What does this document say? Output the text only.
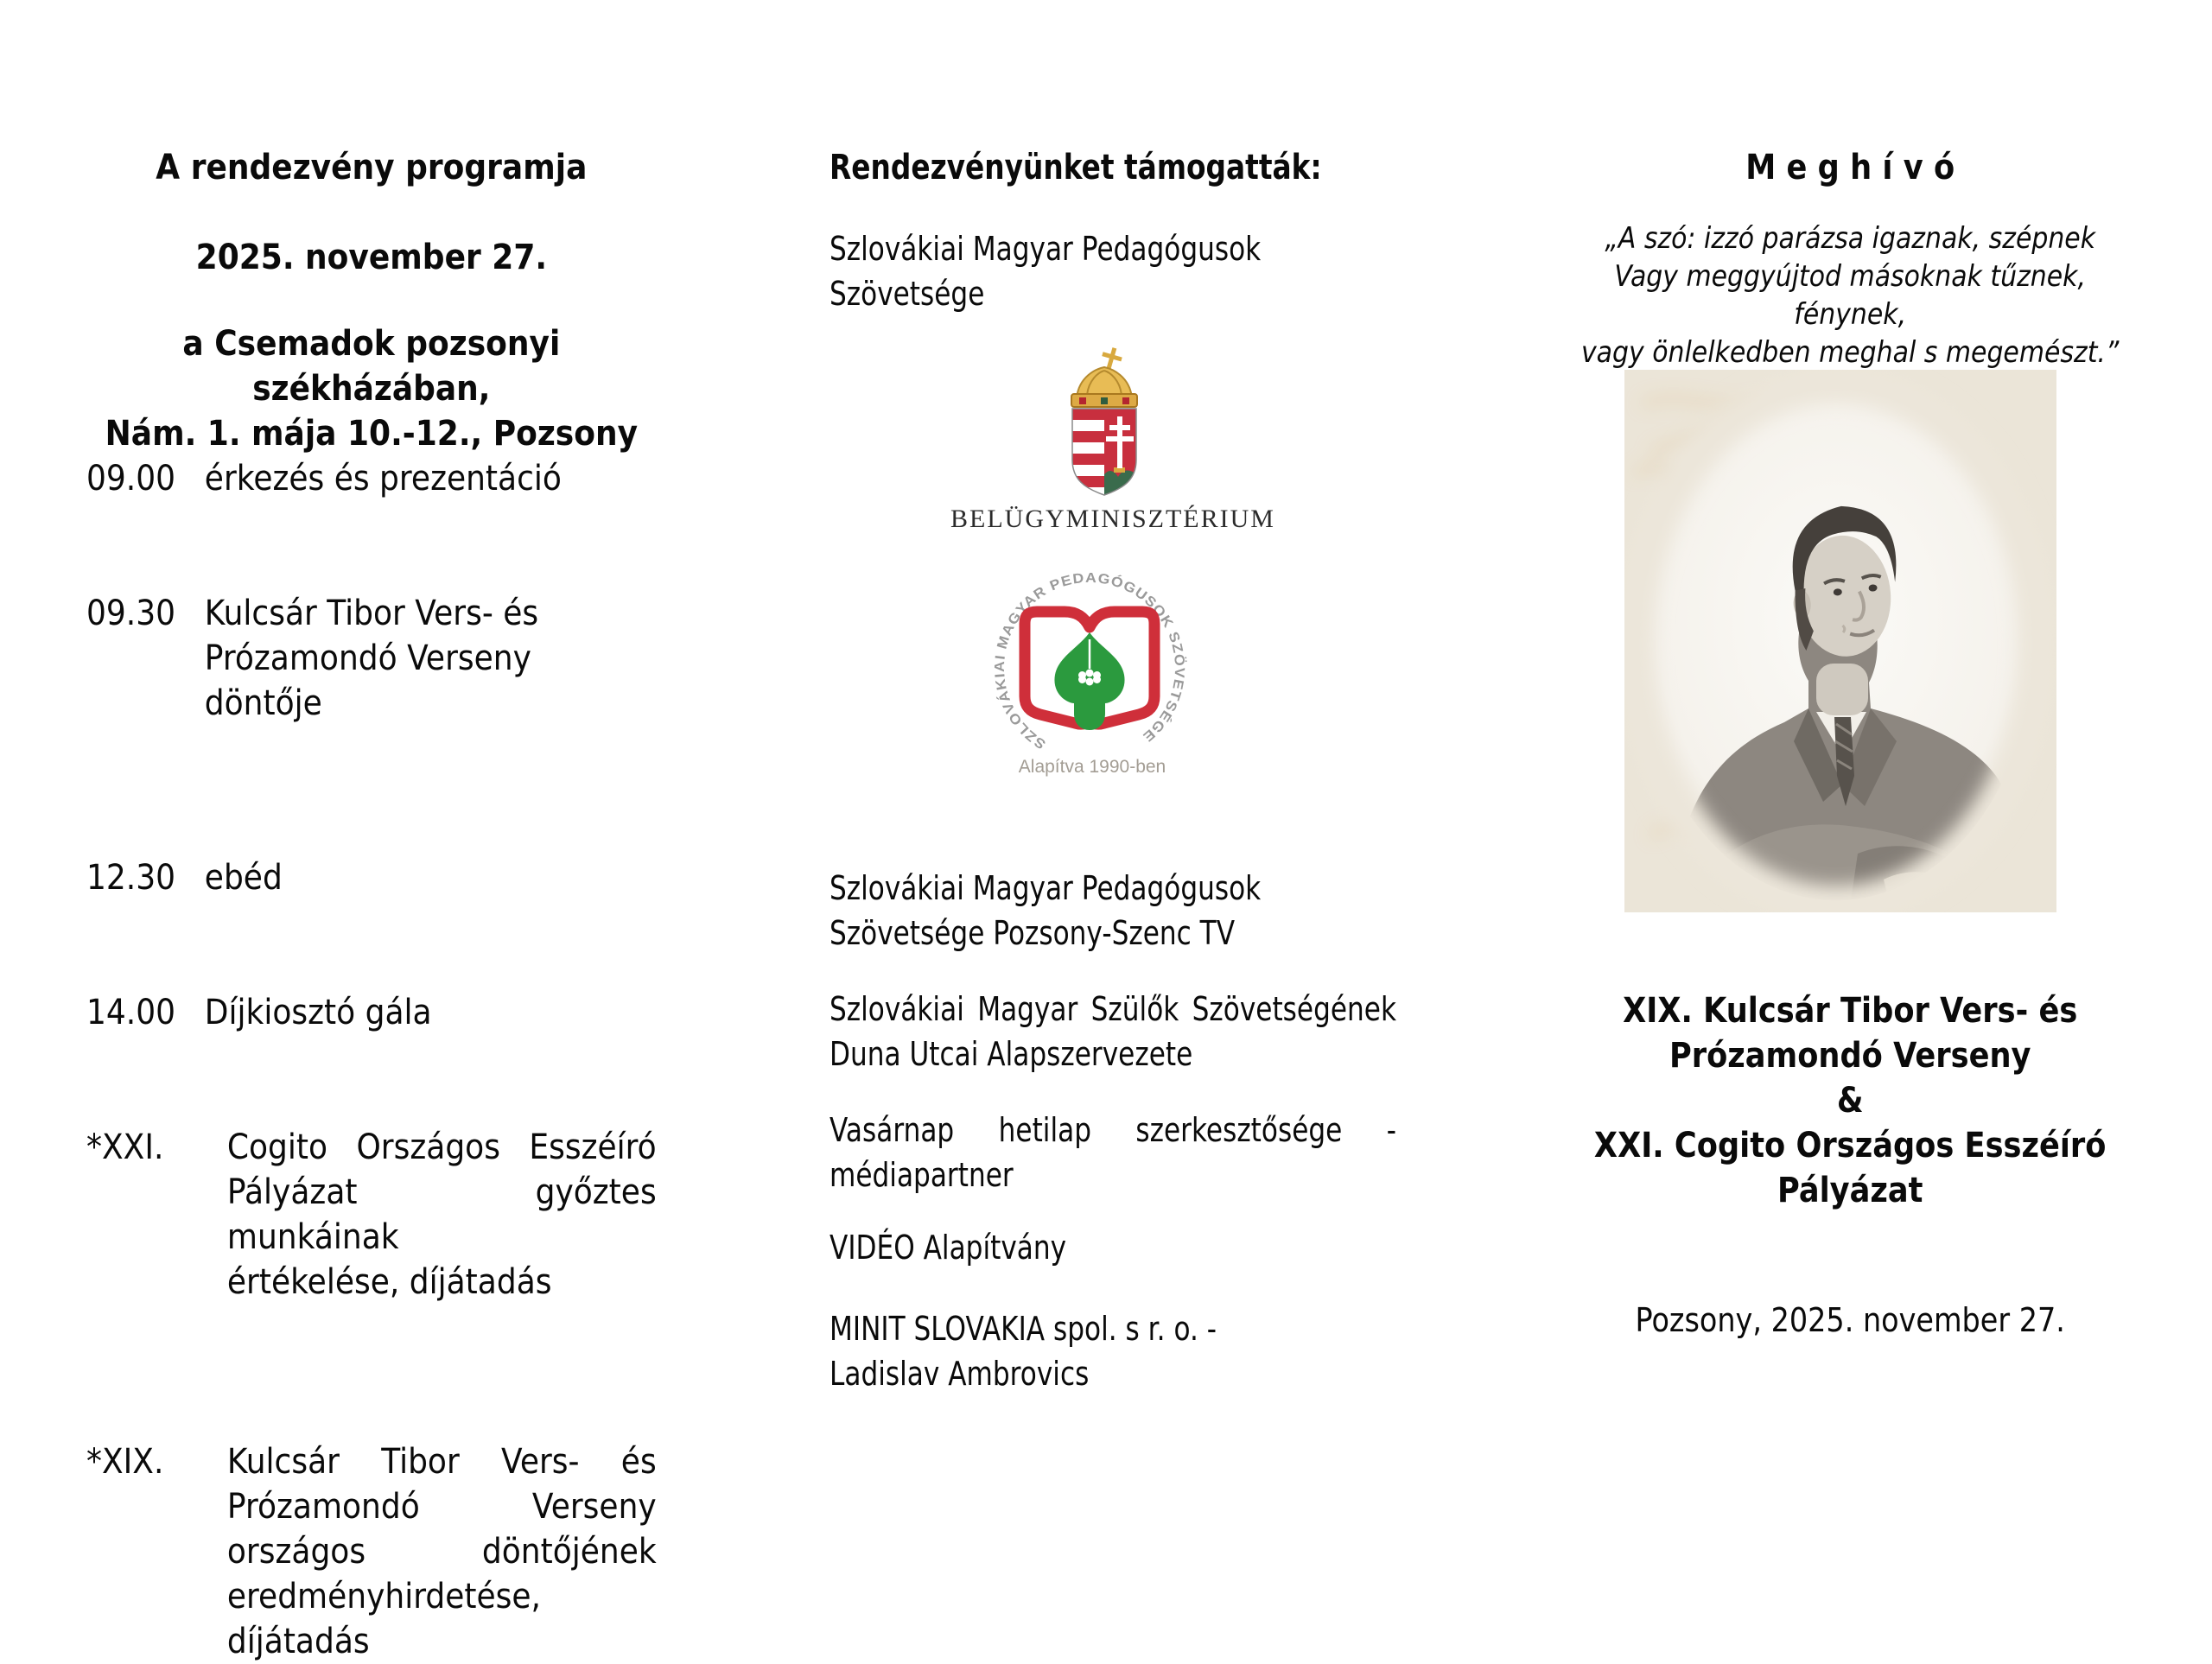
A rendezvény programja
2025. november 27.
a Csemadok pozsonyi székházában,
Nám. 1. mája 10.-12., Pozsony
09.00 érkezés és prezentáció
09.30 Kulcsár Tibor Vers- és
Prózamondó Verseny döntője
12.30 ebéd
14.00 Díjkiosztó gála
*XXI. Cogito Országos Esszéíró
Pályázat győztes munkáinak
értékelése, díjátadás
*XIX. Kulcsár Tibor Vers- és
Prózamondó Verseny
országos döntőjének
eredményhirdetése,
díjátadás
Rendezvényünket támogatták:
Szlovákiai Magyar Pedagógusok
Szövetsége
Szlovákiai Magyar Pedagógusok
Szövetsége Pozsony-Szenc TV
Szlovákiai Magyar Szülők Szövetségének
Duna Utcai Alapszervezete
Vasárnap hetilap szerkesztősége -
médiapartner
VIDÉO Alapítvány
MINIT SLOVAKIA spol. s r. o. -
Ladislav Ambrovics
BELÜGYMINISZTÉRIUM
SZLOVÁKIAI MAGYAR PEDAGÓGUSOK SZÖVETSÉGE
Alapítva 1990-ben
M e g h í v ó
„A szó: izzó parázsa igaznak, szépnek
Vagy meggyújtod másoknak tűznek, fénynek,
vagy önlelkedben meghal s megemészt.”
XIX. Kulcsár Tibor Vers- és
Prózamondó Verseny
&
XXI. Cogito Országos Esszéíró
Pályázat
Pozsony, 2025. november 27.
